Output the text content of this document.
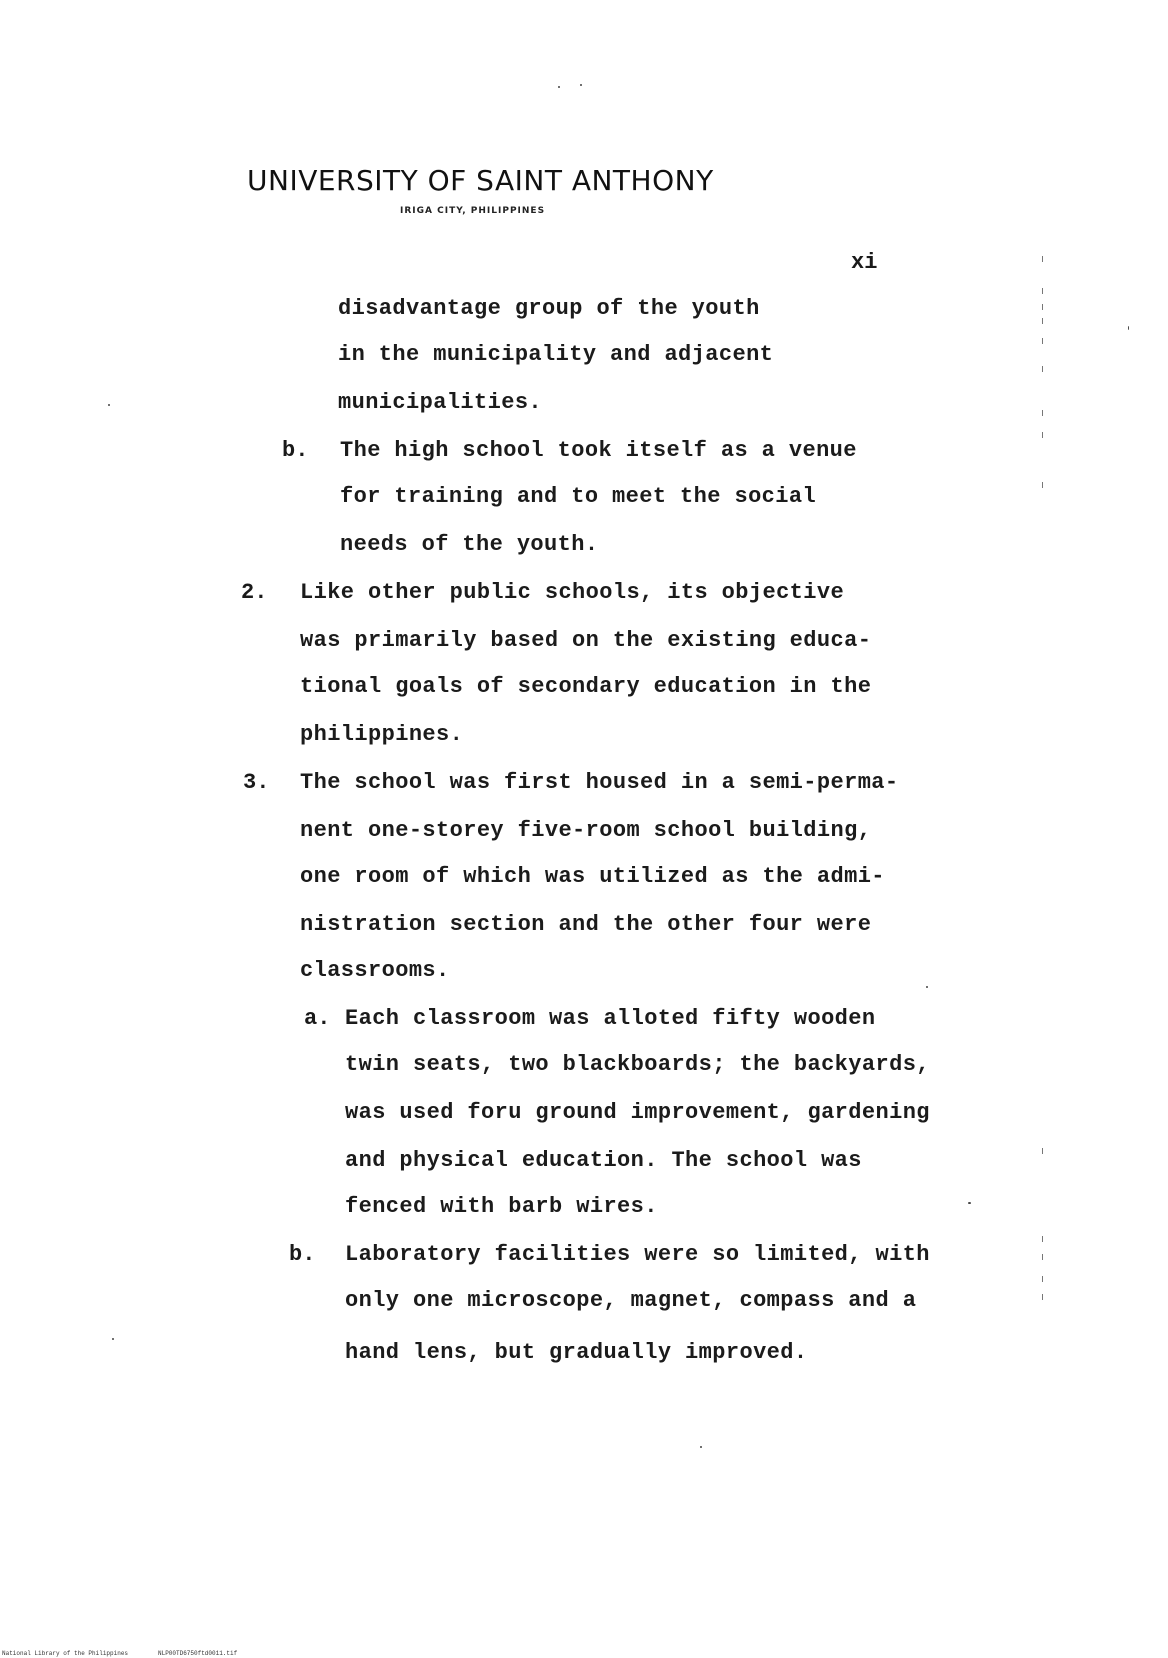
UNIVERSITY OF SAINT ANTHONY
IRIGA CITY, PHILIPPINES
xi
disadvantage group of the youth
in the municipality and adjacent
municipalities.
b. The high school took itself as a venue
for training and to meet the social
needs of the youth.
2. Like other public schools, its objective
was primarily based on the existing educa-
tional goals of secondary education in the
philippines.
3. The school was first housed in a semi-perma-
nent one-storey five-room school building,
one room of which was utilized as the admi-
nistration section and the other four were
classrooms.
a. Each classroom was alloted fifty wooden
twin seats, two blackboards; the backyards,
was used foru ground improvement, gardening
and physical education. The school was
fenced with barb wires.
b. Laboratory facilities were so limited, with
only one microscope, magnet, compass and a
hand lens, but gradually improved.
National Library of the Philippines	NLP00TD6750ftd0011.tif
